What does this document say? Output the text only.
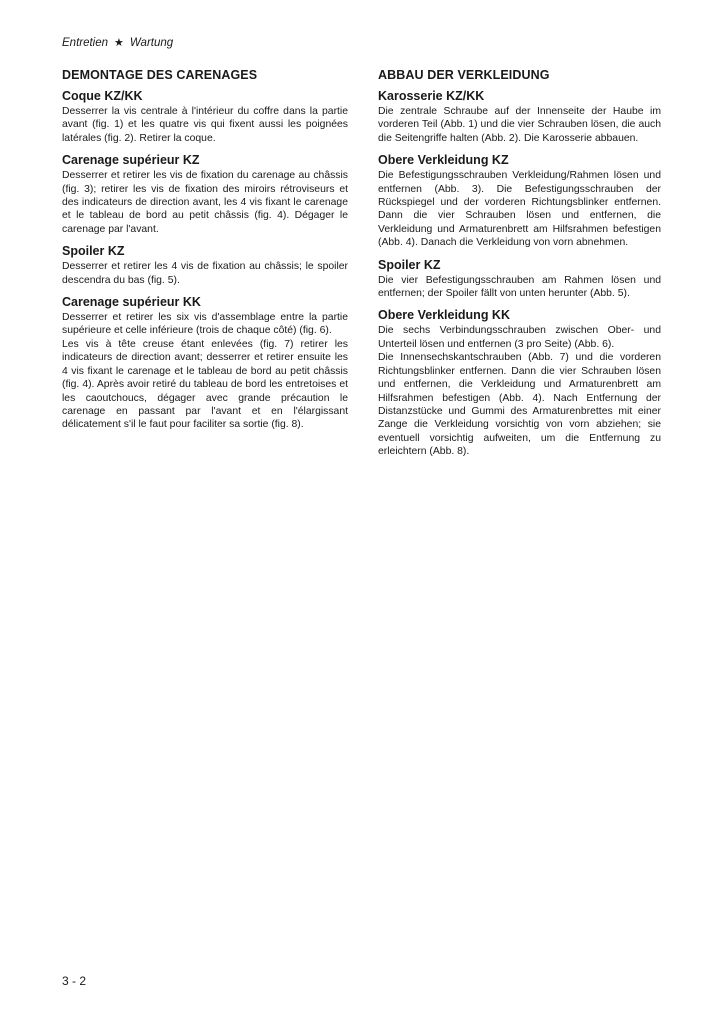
Entretien ★ Wartung
DEMONTAGE DES CARENAGES
Coque KZ/KK

Desserrer la vis centrale à l'intérieur du coffre dans la partie avant (fig. 1) et les quatre vis qui fixent aussi les poignées latérales (fig. 2). Retirer la coque.

Carenage supérieur KZ

Desserrer et retirer les vis de fixation du carenage au châssis (fig. 3); retirer les vis de fixation des miroirs rétroviseurs et des indicateurs de direction avant, les 4 vis fixant le carenage et le tableau de bord au petit châssis (fig. 4). Dégager le carenage par l'avant.

Spoiler KZ

Desserrer et retirer les 4 vis de fixation au châssis; le spoiler descendra du bas (fig. 5).

Carenage supérieur KK

Desserrer et retirer les six vis d'assemblage entre la partie supérieure et celle inférieure (trois de chaque côté) (fig. 6).

Les vis à tête creuse étant enlevées (fig. 7) retirer les indicateurs de direction avant; desserrer et retirer ensuite les 4 vis fixant le carenage et le tableau de bord au petit châssis (fig. 4). Après avoir retiré du tableau de bord les entretoises et les caoutchoucs, dégager avec grande précaution le carenage en passant par l'avant et en l'élargissant délicatement s'il le faut pour faciliter sa sortie (fig. 8).

ABBAU DER VERKLEIDUNG
Karosserie KZ/KK

Die zentrale Schraube auf der Innenseite der Haube im vorderen Teil (Abb. 1) und die vier Schrauben lösen, die auch die Seitengriffe halten (Abb. 2). Die Karosserie abbauen.

Obere Verkleidung KZ

Die Befestigungsschrauben Verkleidung/Rahmen lösen und entfernen (Abb. 3). Die Befestigungsschrauben der Rückspiegel und der vorderen Richtungsblinker entfernen. Dann die vier Schrauben lösen und entfernen, die Verkleidung und Armaturenbrett am Hilfsrahmen befestigen (Abb. 4). Danach die Verkleidung von vorn abnehmen.

Spoiler KZ

Die vier Befestigungsschrauben am Rahmen lösen und entfernen; der Spoiler fällt von unten herunter (Abb. 5).

Obere Verkleidung KK

Die sechs Verbindungsschrauben zwischen Ober- und Unterteil lösen und entfernen (3 pro Seite) (Abb. 6).

Die Innensechskantschrauben (Abb. 7) und die vorderen Richtungsblinker entfernen. Dann die vier Schrauben lösen und entfernen, die Verkleidung und Armaturenbrett am Hilfsrahmen befestigen (Abb. 4). Nach Entfernung der Distanzstücke und Gummi des Armaturenbrettes mit einer Zange die Verkleidung vorsichtig von vorn abziehen; sie eventuell vorsichtig aufweiten, um die Entfernung zu erleichtern (Abb. 8).

3 - 2
